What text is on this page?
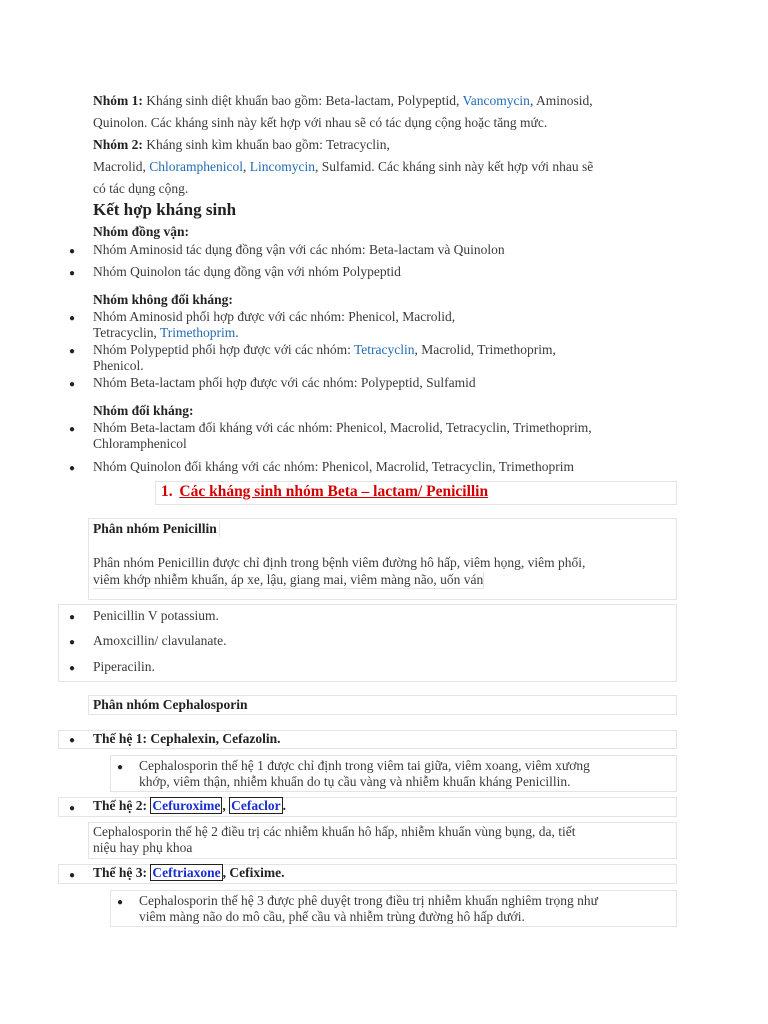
Nhóm 1: Kháng sinh diệt khuẩn bao gồm: Beta-lactam, Polypeptid, Vancomycin, Aminosid,
Quinolon. Các kháng sinh này kết hợp với nhau sẽ có tác dụng cộng hoặc tăng mức.
Nhóm 2: Kháng sinh kìm khuẩn bao gồm: Tetracyclin,
Macrolid, Chloramphenicol, Lincomycin, Sulfamid. Các kháng sinh này kết hợp với nhau sẽ
có tác dụng cộng.
Kết hợp kháng sinh
Nhóm đồng vận:
● Nhóm Aminosid tác dụng đồng vận với các nhóm: Beta-lactam và Quinolon
● Nhóm Quinolon tác dụng đồng vận với nhóm Polypeptid
Nhóm không đối kháng:
● Nhóm Aminosid phối hợp được với các nhóm: Phenicol, Macrolid,
Tetracyclin, Trimethoprim.
● Nhóm Polypeptid phối hợp được với các nhóm: Tetracyclin, Macrolid, Trimethoprim,
Phenicol.
● Nhóm Beta-lactam phối hợp được với các nhóm: Polypeptid, Sulfamid
Nhóm đối kháng:
● Nhóm Beta-lactam đối kháng với các nhóm: Phenicol, Macrolid, Tetracyclin, Trimethoprim,
Chloramphenicol
● Nhóm Quinolon đối kháng với các nhóm: Phenicol, Macrolid, Tetracyclin, Trimethoprim
1. Các kháng sinh nhóm Beta – lactam/ Penicillin
Phân nhóm Penicillin
Phân nhóm Penicillin được chỉ định trong bệnh viêm đường hô hấp, viêm họng, viêm phổi,
viêm khớp nhiễm khuẩn, áp xe, lậu, giang mai, viêm màng não, uốn ván
● Penicillin V potassium.
● Amoxcillin/ clavulanate.
● Piperacilin.
Phân nhóm Cephalosporin
● Thế hệ 1: Cephalexin, Cefazolin.
● Cephalosporin thế hệ 1 được chỉ định trong viêm tai giữa, viêm xoang, viêm xương
khớp, viêm thận, nhiễm khuẩn do tụ cầu vàng và nhiễm khuẩn kháng Penicillin.
● Thế hệ 2: Cefuroxime , Cefaclor .
Cephalosporin thế hệ 2 điều trị các nhiễm khuẩn hô hấp, nhiễm khuẩn vùng bụng, da, tiết
niệu hay phụ khoa
● Thế hệ 3: Ceftriaxone , Cefixime.
● Cephalosporin thế hệ 3 được phê duyệt trong điều trị nhiễm khuẩn nghiêm trọng như
viêm màng não do mô cầu, phế cầu và nhiễm trùng đường hô hấp dưới.
